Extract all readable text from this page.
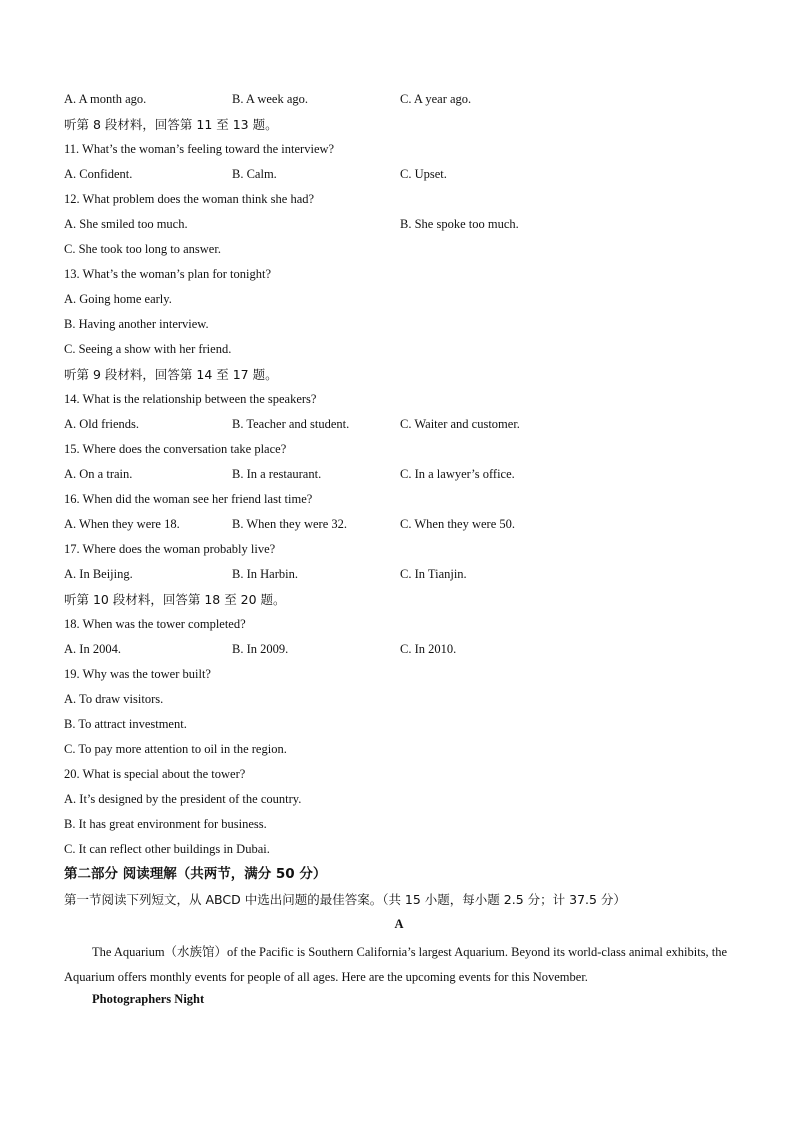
A. A month ago.	B. A week ago.	C. A year ago.
听第 8 段材料，回答第 11 至 13 题。
11. What’s the woman’s feeling toward the interview?
A. Confident.	B. Calm.	C. Upset.
12. What problem does the woman think she had?
A. She smiled too much.	B. She spoke too much.
C. She took too long to answer.
13. What’s the woman’s plan for tonight?
A. Going home early.
B. Having another interview.
C. Seeing a show with her friend.
听第 9 段材料，回答第 14 至 17 题。
14. What is the relationship between the speakers?
A. Old friends.	B. Teacher and student.	C. Waiter and customer.
15. Where does the conversation take place?
A. On a train.	B. In a restaurant.	C. In a lawyer’s office.
16. When did the woman see her friend last time?
A. When they were 18.	B. When they were 32.	C. When they were 50.
17. Where does the woman probably live?
A. In Beijing.	B. In Harbin.	C. In Tianjin.
听第 10 段材料，回答第 18 至 20 题。
18. When was the tower completed?
A. In 2004.	B. In 2009.	C. In 2010.
19. Why was the tower built?
A. To draw visitors.
B. To attract investment.
C. To pay more attention to oil in the region.
20. What is special about the tower?
A. It’s designed by the president of the country.
B. It has great environment for business.
C. It can reflect other buildings in Dubai.
第二部分 阅读理解（共两节，满分 50 分）
第一节阅读下列短文，从 ABCD 中选出问题的最佳答案。（共 15 小题，每小题 2.5 分；计 37.5 分）
A

The Aquarium（水族馆）of the Pacific is Southern California’s largest Aquarium. Beyond its world-class animal exhibits, the Aquarium offers monthly events for people of all ages. Here are the upcoming events for this November.

Photographers Night
